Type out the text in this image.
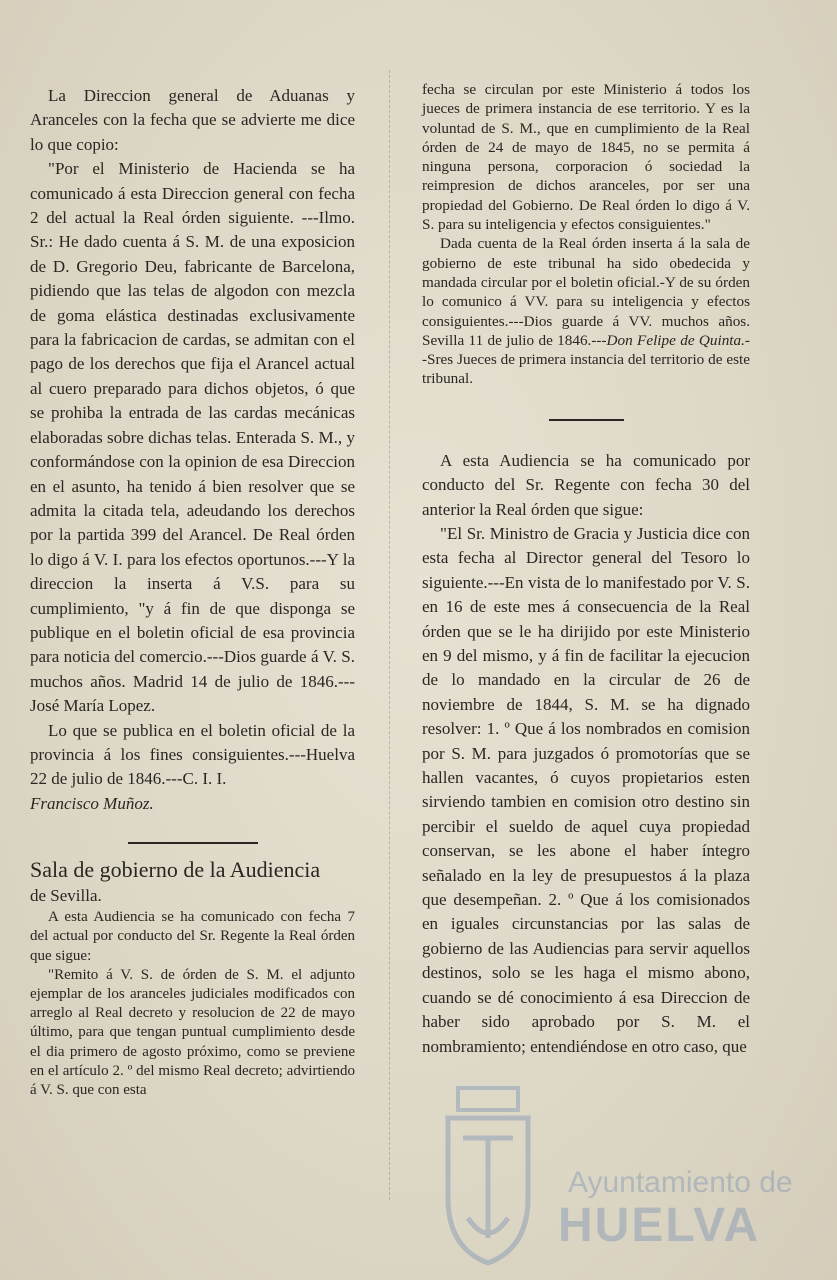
La Direccion general de Aduanas y Aranceles con la fecha que se advierte me dice lo que copio:

"Por el Ministerio de Hacienda se ha comunicado á esta Direccion general con fecha 2 del actual la Real órden siguiente. ---Ilmo. Sr.: He dado cuenta á S. M. de una exposicion de D. Gregorio Deu, fabricante de Barcelona, pidiendo que las telas de algodon con mezcla de goma elástica destinadas exclusivamente para la fabricacion de cardas, se admitan con el pago de los derechos que fija el Arancel actual al cuero preparado para dichos objetos, ó que se prohiba la entrada de las cardas mecánicas elaboradas sobre dichas telas. Enterada S. M., y conformándose con la opinion de esa Direccion en el asunto, ha tenido á bien resolver que se admita la citada tela, adeudando los derechos por la partida 399 del Arancel. De Real órden lo digo á V. I. para los efectos oportunos.---Y la direccion la inserta á V.S. para su cumplimiento, "y á fin de que disponga se publique en el boletin oficial de esa provincia para noticia del comercio.---Dios guarde á V. S. muchos años. Madrid 14 de julio de 1846.---José María Lopez.

Lo que se publica en el boletin oficial de la provincia á los fines consiguientes.---Huelva 22 de julio de 1846.---C. I. I.

Francisco Muñoz.

Sala de gobierno de la Audiencia

de Sevilla.

A esta Audiencia se ha comunicado con fecha 7 del actual por conducto del Sr. Regente la Real órden que sigue:

"Remito á V. S. de órden de S. M. el adjunto ejemplar de los aranceles judiciales modificados con arreglo al Real decreto y resolucion de 22 de mayo último, para que tengan puntual cumplimiento desde el dia primero de agosto próximo, como se previene en el artículo 2. º del mismo Real decreto; advirtiendo á V. S. que con esta

fecha se circulan por este Ministerio á todos los jueces de primera instancia de ese territorio. Y es la voluntad de S. M., que en cumplimiento de la Real órden de 24 de mayo de 1845, no se permita á ninguna persona, corporacion ó sociedad la reimpresion de dichos aranceles, por ser una propiedad del Gobierno. De Real órden lo digo á V. S. para su inteligencia y efectos consiguientes."

Dada cuenta de la Real órden inserta á la sala de gobierno de este tribunal ha sido obedecida y mandada circular por el boletin oficial.-Y de su órden lo comunico á VV. para su inteligencia y efectos consiguientes.---Dios guarde á VV. muchos años. Sevilla 11 de julio de 1846.---Don Felipe de Quinta.--Sres Jueces de primera instancia del territorio de este tribunal.

A esta Audiencia se ha comunicado por conducto del Sr. Regente con fecha 30 del anterior la Real órden que sigue:

"El Sr. Ministro de Gracia y Justicia dice con esta fecha al Director general del Tesoro lo siguiente.---En vista de lo manifestado por V. S. en 16 de este mes á consecuencia de la Real órden que se le ha dirijido por este Ministerio en 9 del mismo, y á fin de facilitar la ejecucion de lo mandado en la circular de 26 de noviembre de 1844, S. M. se ha dignado resolver: 1. º Que á los nombrados en comision por S. M. para juzgados ó promotorías que se hallen vacantes, ó cuyos propietarios esten sirviendo tambien en comision otro destino sin percibir el sueldo de aquel cuya propiedad conservan, se les abone el haber íntegro señalado en la ley de presupuestos á la plaza que desempeñan. 2. º Que á los comisionados en iguales circunstancias por las salas de gobierno de las Audiencias para servir aquellos destinos, solo se les haga el mismo abono, cuando se dé conocimiento á esa Direccion de haber sido aprobado por S. M. el nombramiento; entendiéndose en otro caso, que

Ayuntamiento de
HUELVA
